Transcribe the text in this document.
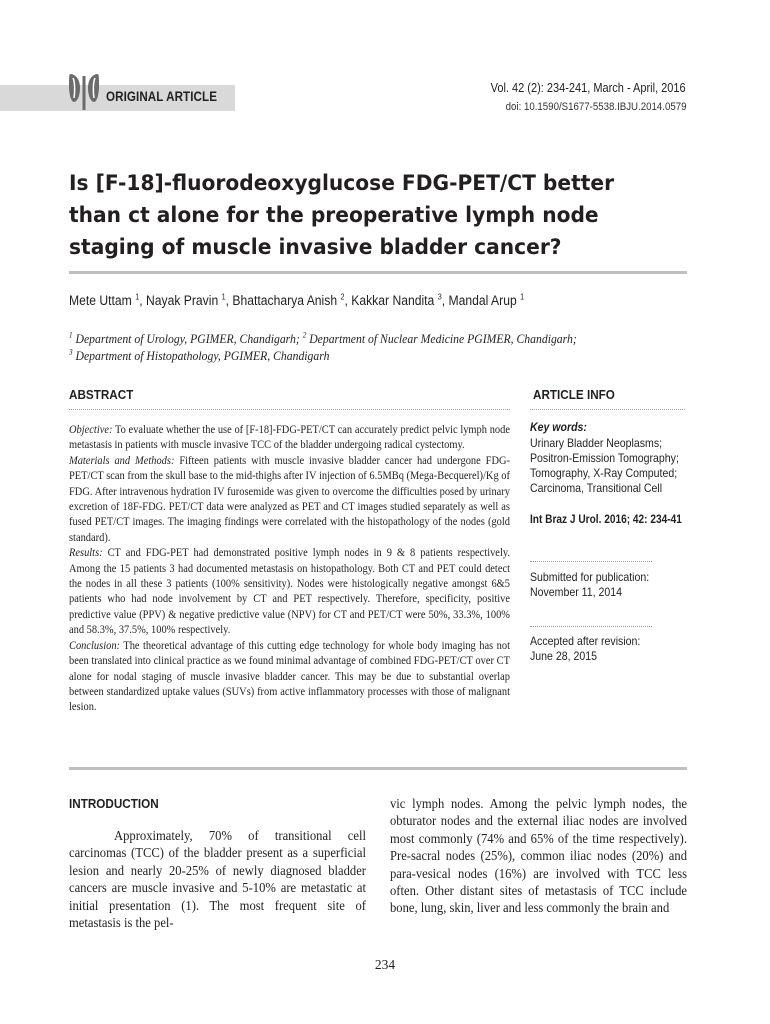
ORIGINAL ARTICLE
Vol. 42 (2): 234-241, March - April, 2016
doi: 10.1590/S1677-5538.IBJU.2014.0579
Is [F-18]-fluorodeoxyglucose FDG-PET/CT better than ct alone for the preoperative lymph node staging of muscle invasive bladder cancer?
Mete Uttam $^1$, Nayak Pravin $^1$, Bhattacharya Anish $^2$, Kakkar Nandita $^3$, Mandal Arup $^1$
$^1$ Department of Urology, PGIMER, Chandigarh; $^2$ Department of Nuclear Medicine PGIMER, Chandigarh;
$^3$ Department of Histopathology, PGIMER, Chandigarh
ABSTRACT	ARTICLE INFO

Objective: To evaluate whether the use of [F-18]-FDG-PET/CT can accurately predict pelvic lymph node metastasis in patients with muscle invasive TCC of the bladder undergoing radical cystectomy.

Materials and Methods: Fifteen patients with muscle invasive bladder cancer had undergone FDG-PET/CT scan from the skull base to the mid-thighs after IV injection of 6.5MBq (Mega-Becquerel)/Kg of FDG. After intravenous hydration IV furosemide was given to overcome the difficulties posed by urinary excretion of 18F-FDG. PET/CT data were analyzed as PET and CT images studied separately as well as fused PET/CT images. The imaging findings were correlated with the histopathology of the nodes (gold standard).

Results: CT and FDG-PET had demonstrated positive lymph nodes in 9 & 8 patients respectively. Among the 15 patients 3 had documented metastasis on histopathology. Both CT and PET could detect the nodes in all these 3 patients (100% sensitivity). Nodes were histologically negative amongst 6&5 patients who had node involvement by CT and PET respectively. Therefore, specificity, positive predictive value (PPV) & negative predictive value (NPV) for CT and PET/CT were 50%, 33.3%, 100% and 58.3%, 37.5%, 100% respectively.

Conclusion: The theoretical advantage of this cutting edge technology for whole body imaging has not been translated into clinical practice as we found minimal advantage of combined FDG-PET/CT over CT alone for nodal staging of muscle invasive bladder cancer. This may be due to substantial overlap between standardized uptake values (SUVs) from active inflammatory processes with those of malignant lesion.

Key words:
Urinary Bladder Neoplasms;
Positron-Emission Tomography;
Tomography, X-Ray Computed;
Carcinoma, Transitional Cell
Int Braz J Urol. 2016; 42: 234-41
Submitted for publication:
November 11, 2014
Accepted after revision:
June 28, 2015
INTRODUCTION
Approximately, 70% of transitional cell carcinomas (TCC) of the bladder present as a superficial lesion and nearly 20-25% of newly diagnosed bladder cancers are muscle invasive and 5-10% are metastatic at initial presentation (1). The most frequent site of metastasis is the pel-
vic lymph nodes. Among the pelvic lymph nodes, the obturator nodes and the external iliac nodes are involved most commonly (74% and 65% of the time respectively). Pre-sacral nodes (25%), common iliac nodes (20%) and para-vesical nodes (16%) are involved with TCC less often. Other distant sites of metastasis of TCC include bone, lung, skin, liver and less commonly the brain and
234
